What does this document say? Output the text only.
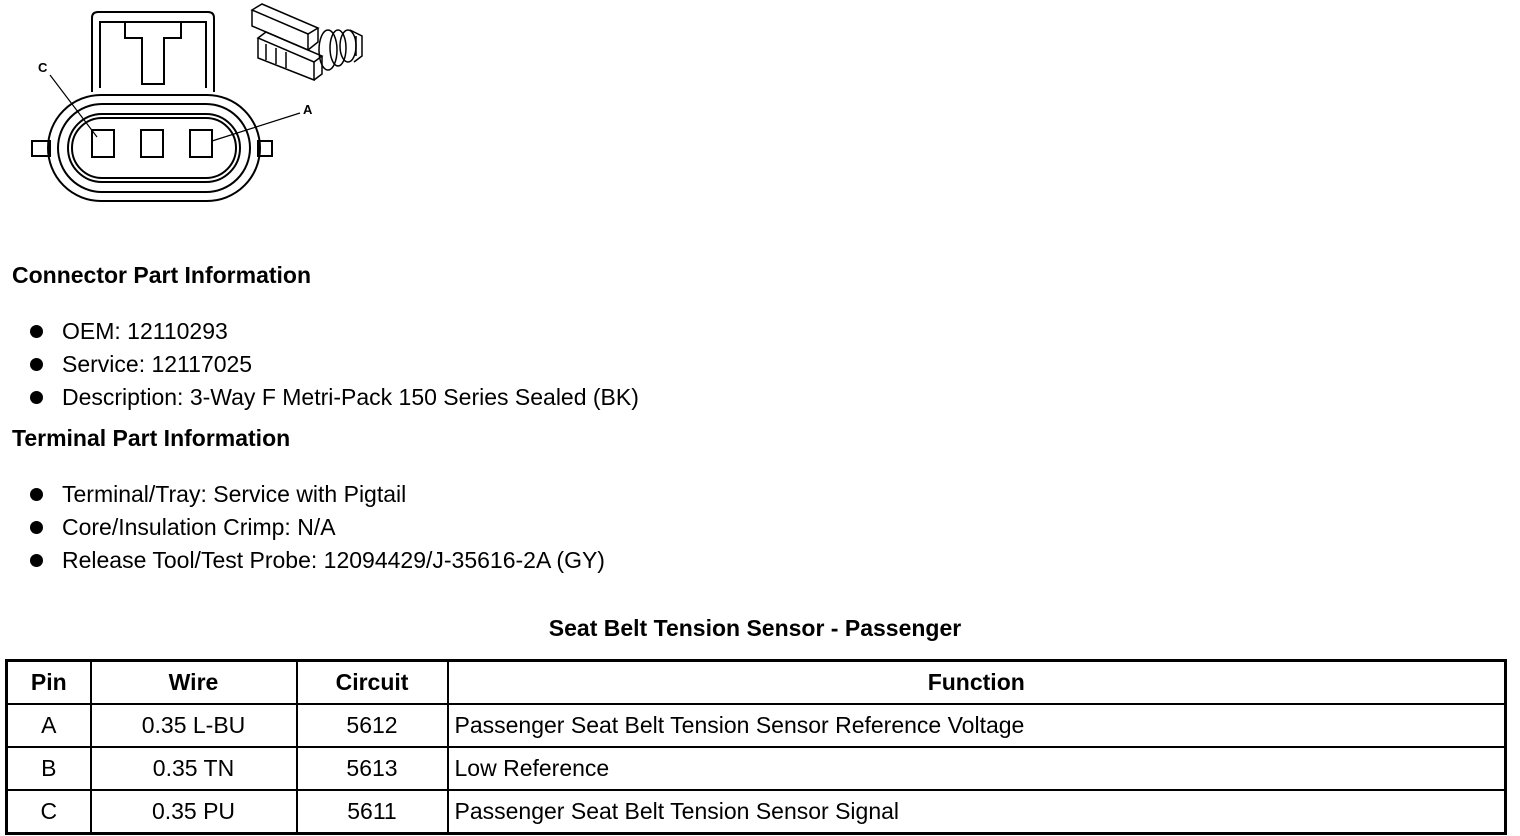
C
A
Connector Part Information
OEM: 12110293
Service: 12117025
Description: 3-Way F Metri-Pack 150 Series Sealed (BK)
Terminal Part Information
Terminal/Tray: Service with Pigtail
Core/Insulation Crimp: N/A
Release Tool/Test Probe: 12094429/J-35616-2A (GY)
Seat Belt Tension Sensor - Passenger
Pin	Wire	Circuit	Function
A	0.35 L-BU	5612	Passenger Seat Belt Tension Sensor Reference Voltage
B	0.35 TN	5613	Low Reference
C	0.35 PU	5611	Passenger Seat Belt Tension Sensor Signal
